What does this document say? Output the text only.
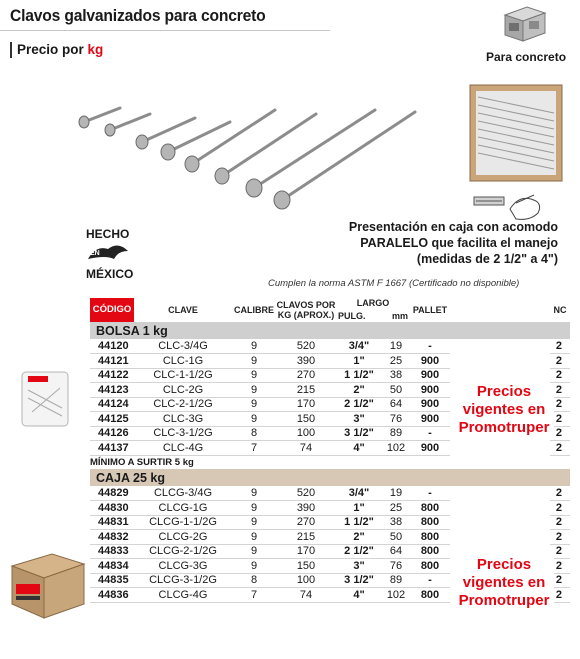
Clavos galvanizados para concreto
Precio por kg	Para concreto
Presentación en caja con acomodo
PARALELO que facilita el manejo
(medidas de 2 1/2" a 4")
HECHO
EN
MÉXICO
Cumplen la norma ASTM F 1667 (Certificado no disponible)
CÓDIGO	CLAVE	CALIBRE	CLAVOS POR KG (APROX.)	LARGO
PULG. mm		PALLET		NC
BOLSA 1 kg								
44120	CLC-3/4G	9	520	3/4"	19	-		2
44121	CLC-1G	9	390	1"	25	900		2
44122	CLC-1-1/2G	9	270	1 1/2"	38	900		2
44123	CLC-2G	9	215	2"	50	900		2
44124	CLC-2-1/2G	9	170	2 1/2"	64	900		2
44125	CLC-3G	9	150	3"	76	900		2
44126	CLC-3-1/2G	8	100	3 1/2"	89	-		2
44137	CLC-4G	7	74	4"	102	900		2
MÍNIMO A SURTIR 5 kg								
CAJA 25 kg								
44829	CLCG-3/4G	9	520	3/4"	19	-		2
44830	CLCG-1G	9	390	1"	25	800		2
44831	CLCG-1-1/2G	9	270	1 1/2"	38	800		2
44832	CLCG-2G	9	215	2"	50	800		2
44833	CLCG-2-1/2G	9	170	2 1/2"	64	800		2
44834	CLCG-3G	9	150	3"	76	800		2
44835	CLCG-3-1/2G	8	100	3 1/2"	89	-		2
44836	CLCG-4G	7	74	4"	102	800		2
Precios vigentes en Promotruper
Precios vigentes en Promotruper
